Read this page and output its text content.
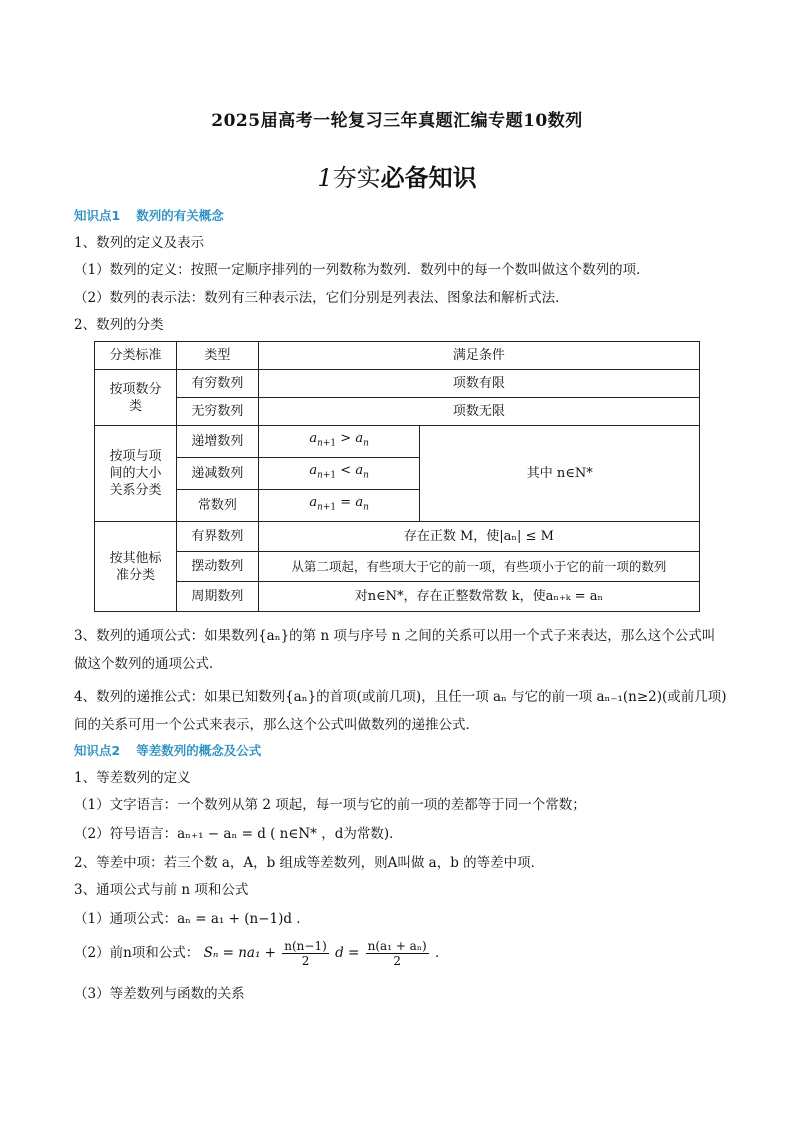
2025届高考一轮复习三年真题汇编专题10数列
1夯实必备知识
知识点1 数列的有关概念
1、数列的定义及表示
（1）数列的定义：按照一定顺序排列的一列数称为数列．数列中的每一个数叫做这个数列的项．
（2）数列的表示法：数列有三种表示法，它们分别是列表法、图象法和解析式法．
2、数列的分类
分类标准	类型	满足条件	
按项数分类	有穷数列	项数有限	
	无穷数列	项数无限	
按项与项间的大小关系分类	递增数列	$a_{n+1} > a_n$	其中 n∈N*
	递减数列	$a_{n+1} < a_n$
	常数列	$a_{n+1} = a_n$
按其他标准分类	有界数列	存在正数 M，使|aₙ| ≤ M	
	摆动数列	从第二项起，有些项大于它的前一项，有些项小于它的前一项的数列	
	周期数列	对n∈N*，存在正整数常数 k，使aₙ₊ₖ = aₙ	
3、数列的通项公式：如果数列{aₙ}的第 n 项与序号 n 之间的关系可以用一个式子来表达，那么这个公式叫
做这个数列的通项公式．
4、数列的递推公式：如果已知数列{aₙ}的首项(或前几项)，且任一项 aₙ 与它的前一项 aₙ₋₁(n≥2)(或前几项)
间的关系可用一个公式来表示，那么这个公式叫做数列的递推公式．
知识点2 等差数列的概念及公式
1、等差数列的定义
（1）文字语言：一个数列从第 2 项起，每一项与它的前一项的差都等于同一个常数；
（2）符号语言：aₙ₊₁ − aₙ = d ( n∈N* ，d为常数)．
2、等差中项：若三个数 a，A，b 组成等差数列，则A叫做 a，b 的等差中项．
3、通项公式与前 n 项和公式
（1）通项公式：aₙ = a₁ + (n−1)d ．
（2）前n项和公式： $S_n = na_1 + \frac{n(n-1)}{2}$ $d = \frac{\text{n(a₁ + aₙ)}}{2}$ ．
（3）等差数列与函数的关系
